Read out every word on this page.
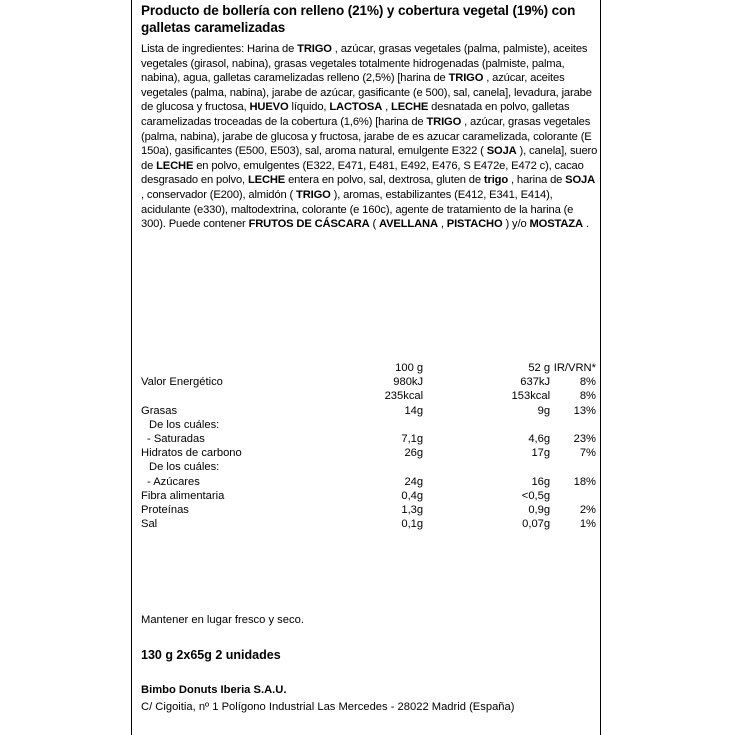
Producto de bollería con relleno (21%) y cobertura vegetal (19%) con galletas caramelizadas
Lista de ingredientes: Harina de TRIGO , azúcar, grasas vegetales (palma, palmiste), aceites vegetales (girasol, nabina), grasas vegetales totalmente hidrogenadas (palmiste, palma, nabina), agua, galletas caramelizadas relleno (2,5%) [harina de TRIGO , azúcar, aceites vegetales (palma, nabina), jarabe de azúcar, gasificante (e 500), sal, canela], levadura, jarabe de glucosa y fructosa, HUEVO líquido, LACTOSA , LECHE desnatada en polvo, galletas caramelizadas troceadas de la cobertura (1,6%) [harina de TRIGO , azúcar, grasas vegetales (palma, nabina), jarabe de glucosa y fructosa, jarabe de es azucar caramelizada, colorante (E 150a), gasificantes (E500, E503), sal, aroma natural, emulgente E322 ( SOJA ), canela], suero de LECHE en polvo, emulgentes (E322, E471, E481, E492, E476, S E472e, E472 c), cacao desgrasado en polvo, LECHE entera en polvo, sal, dextrosa, gluten de trigo , harina de SOJA , conservador (E200), almidón ( TRIGO ), aromas, estabilizantes (E412, E341, E414), acidulante (e330), maltodextrina, colorante (e 160c), agente de tratamiento de la harina (e 300). Puede contener FRUTOS DE CÁSCARA ( AVELLANA , PISTACHO ) y/o MOSTAZA .
	100 g	52 g	IR/VRN*
Valor Energético	980kJ	637kJ	8%
	235kcal	153kcal	8%
Grasas	14g	9g	13%
De los cuáles:			
- Saturadas	7,1g	4,6g	23%
Hidratos de carbono	26g	17g	7%
De los cuáles:			
- Azúcares	24g	16g	18%
Fibra alimentaria	0,4g	<0,5g	
Proteínas	1,3g	0,9g	2%
Sal	0,1g	0,07g	1%
Mantener en lugar fresco y seco.
130 g 2x65g 2 unidades
Bimbo Donuts Iberia S.A.U.
C/ Cigoitia, nº 1 Polígono Industrial Las Mercedes - 28022 Madrid (España)
